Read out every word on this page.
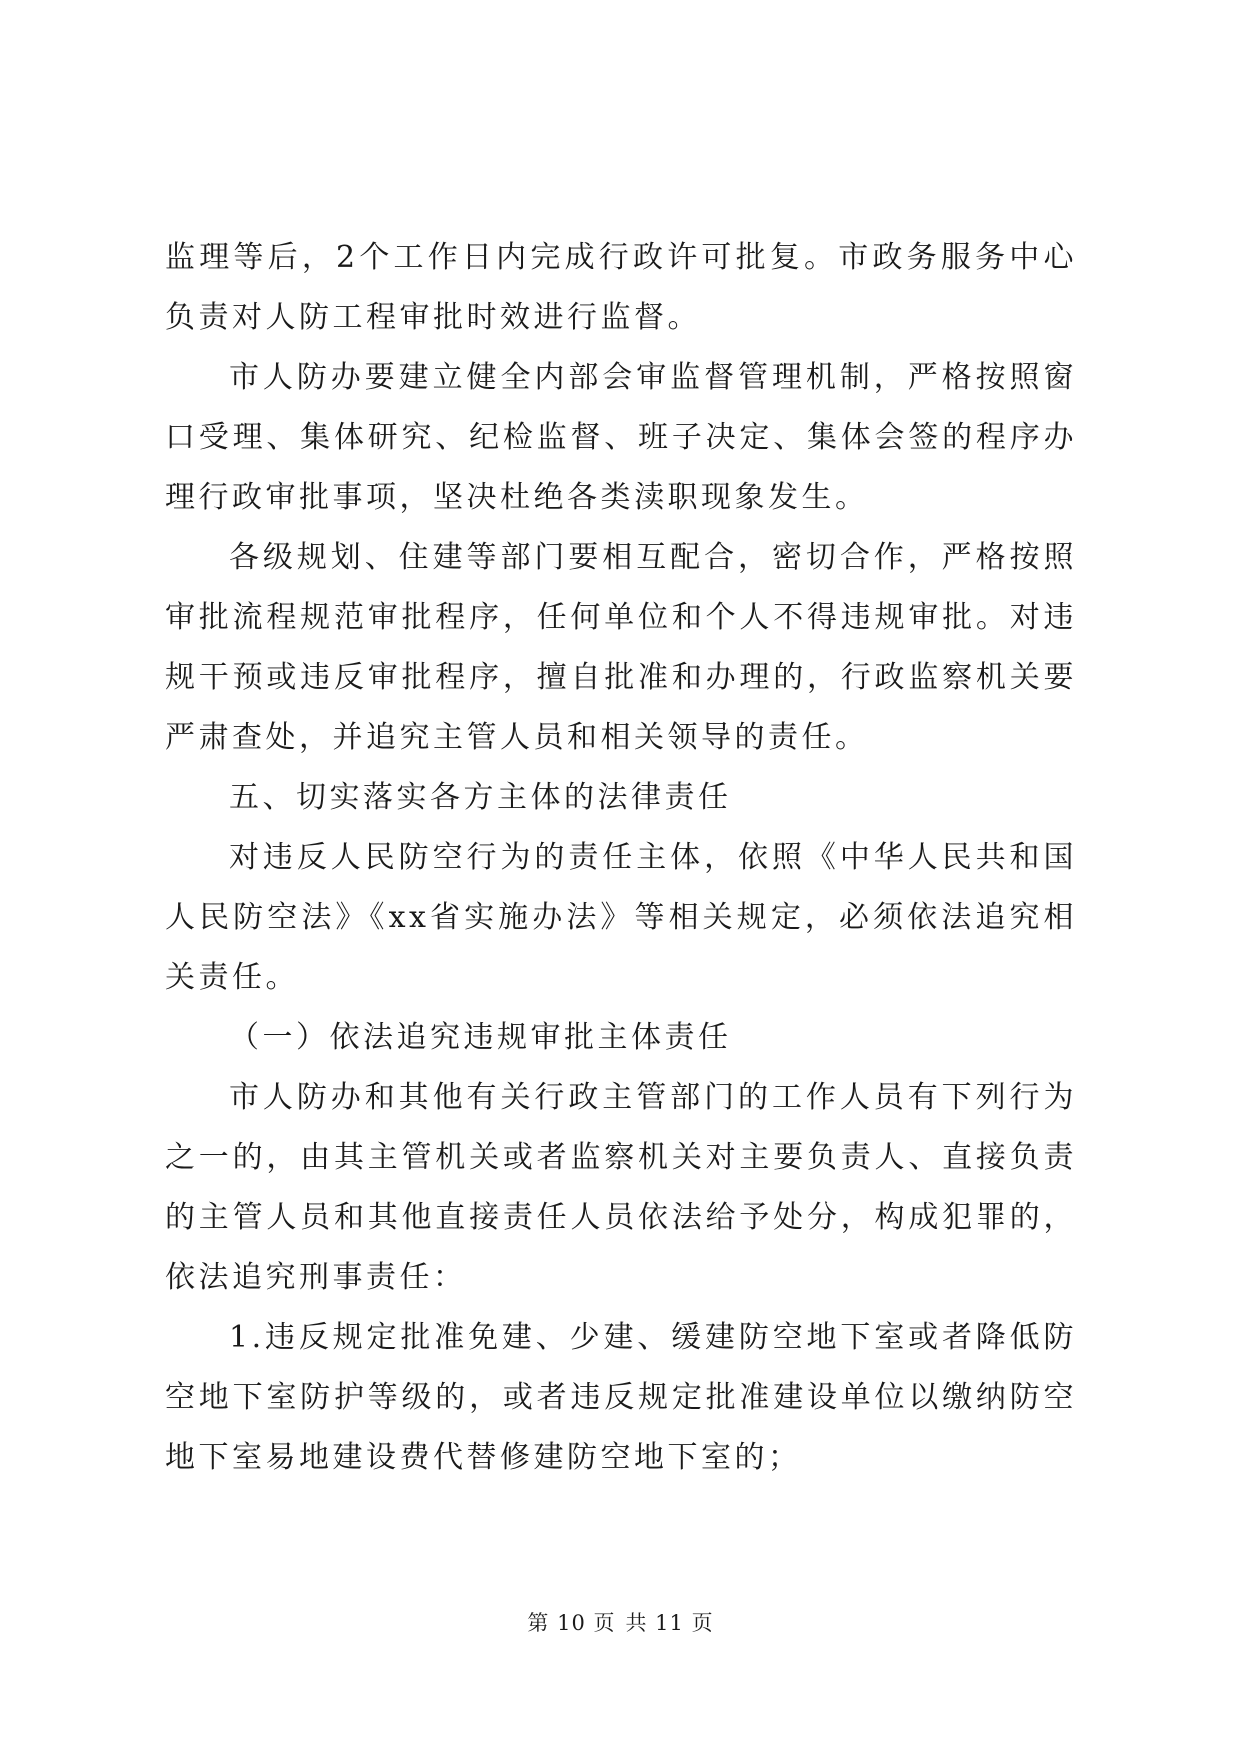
监理等后，2个工作日内完成行政许可批复。市政务服务中心负责对人防工程审批时效进行监督。

市人防办要建立健全内部会审监督管理机制，严格按照窗口受理、集体研究、纪检监督、班子决定、集体会签的程序办理行政审批事项，坚决杜绝各类渎职现象发生。

各级规划、住建等部门要相互配合，密切合作，严格按照审批流程规范审批程序，任何单位和个人不得违规审批。对违规干预或违反审批程序，擅自批准和办理的，行政监察机关要严肃查处，并追究主管人员和相关领导的责任。

五、切实落实各方主体的法律责任

对违反人民防空行为的责任主体，依照《中华人民共和国人民防空法》《xx省实施办法》等相关规定，必须依法追究相关责任。

（一）依法追究违规审批主体责任

市人防办和其他有关行政主管部门的工作人员有下列行为之一的，由其主管机关或者监察机关对主要负责人、直接负责的主管人员和其他直接责任人员依法给予处分，构成犯罪的，依法追究刑事责任：

1.违反规定批准免建、少建、缓建防空地下室或者降低防空地下室防护等级的，或者违反规定批准建设单位以缴纳防空地下室易地建设费代替修建防空地下室的；

第 10 页 共 11 页
